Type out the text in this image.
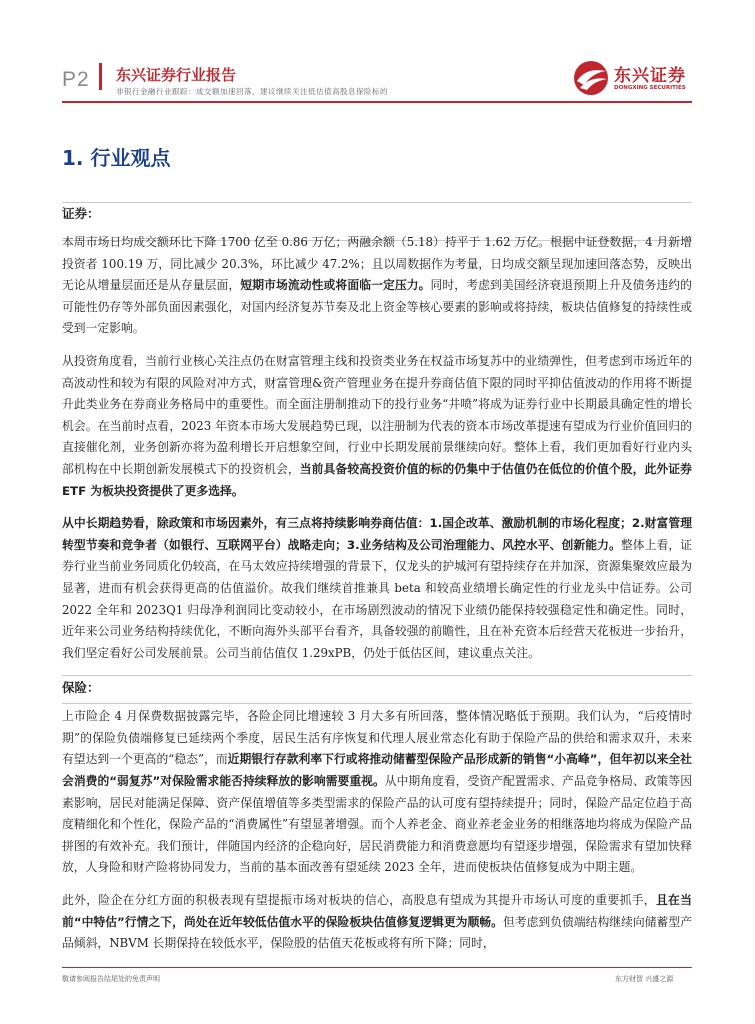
P2 东兴证券行业报告
非银行金融行业跟踪：成交额加速回落，建议继续关注低估值高股息保险标的
东兴证券
DONGXING SECURITIES
1. 行业观点
证券：

本周市场日均成交额环比下降 1700 亿至 0.86 万亿；两融余额（5.18）持平于 1.62 万亿。根据中证登数据，4 月新增投资者 100.19 万，同比减少 20.3%，环比减少 47.2%；且以周数据作为考量，日均成交额呈现加速回落态势，反映出无论从增量层面还是从存量层面，短期市场流动性或将面临一定压力。同时，考虑到美国经济衰退预期上升及债务违约的可能性仍存等外部负面因素强化，对国内经济复苏节奏及北上资金等核心要素的影响或将持续，板块估值修复的持续性或受到一定影响。

从投资角度看，当前行业核心关注点仍在财富管理主线和投资类业务在权益市场复苏中的业绩弹性，但考虑到市场近年的高波动性和较为有限的风险对冲方式，财富管理&资产管理业务在提升券商估值下限的同时平抑估值波动的作用将不断提升此类业务在券商业务格局中的重要性。而全面注册制推动下的投行业务“井喷”将成为证券行业中长期最具确定性的增长机会。在当前时点看，2023 年资本市场大发展趋势已现，以注册制为代表的资本市场改革提速有望成为行业价值回归的直接催化剂，业务创新亦将为盈利增长开启想象空间，行业中长期发展前景继续向好。整体上看，我们更加看好行业内头部机构在中长期创新发展模式下的投资机会，当前具备较高投资价值的标的仍集中于估值仍在低位的价值个股，此外证券 ETF 为板块投资提供了更多选择。

从中长期趋势看，除政策和市场因素外，有三点将持续影响券商估值：1.国企改革、激励机制的市场化程度；2.财富管理转型节奏和竞争者（如银行、互联网平台）战略走向；3.业务结构及公司治理能力、风控水平、创新能力。整体上看，证券行业当前业务同质化仍较高，在马太效应持续增强的背景下，仅龙头的护城河有望持续存在并加深，资源集聚效应最为显著，进而有机会获得更高的估值溢价。故我们继续首推兼具 beta 和较高业绩增长确定性的行业龙头中信证券。公司 2022 全年和 2023Q1 归母净利润同比变动较小，在市场剧烈波动的情况下业绩仍能保持较强稳定性和确定性。同时，近年来公司业务结构持续优化，不断向海外头部平台看齐，具备较强的前瞻性，且在补充资本后经营天花板进一步抬升，我们坚定看好公司发展前景。公司当前估值仅 1.29xPB，仍处于低估区间，建议重点关注。

保险：

上市险企 4 月保费数据披露完毕，各险企同比增速较 3 月大多有所回落，整体情况略低于预期。我们认为，“后疫情时期”的保险负债端修复已延续两个季度，居民生活有序恢复和代理人展业常态化有助于保险产品的供给和需求双升，未来有望达到一个更高的“稳态”，而近期银行存款利率下行或将推动储蓄型保险产品形成新的销售“小高峰”，但年初以来全社会消费的“弱复苏”对保险需求能否持续释放的影响需要重视。从中期角度看，受资产配置需求、产品竞争格局、政策等因素影响，居民对能满足保障、资产保值增值等多类型需求的保险产品的认可度有望持续提升；同时，保险产品定位趋于高度精细化和个性化，保险产品的“消费属性”有望显著增强。而个人养老金、商业养老金业务的相继落地均将成为保险产品拼图的有效补充。我们预计，伴随国内经济的企稳向好，居民消费能力和消费意愿均有望逐步增强，保险需求有望加快释放，人身险和财产险将协同发力，当前的基本面改善有望延续 2023 全年，进而使板块估值修复成为中期主题。

此外，险企在分红方面的积极表现有望提振市场对板块的信心，高股息有望成为其提升市场认可度的重要抓手，且在当前“中特估”行情之下，尚处在近年较低估值水平的保险板块估值修复逻辑更为顺畅。但考虑到负债端结构继续向储蓄型产品倾斜，NBVM 长期保持在较低水平，保险股的估值天花板或将有所下降；同时，

敬请参阅报告结尾处的免责声明	东方财智 兴盛之源
